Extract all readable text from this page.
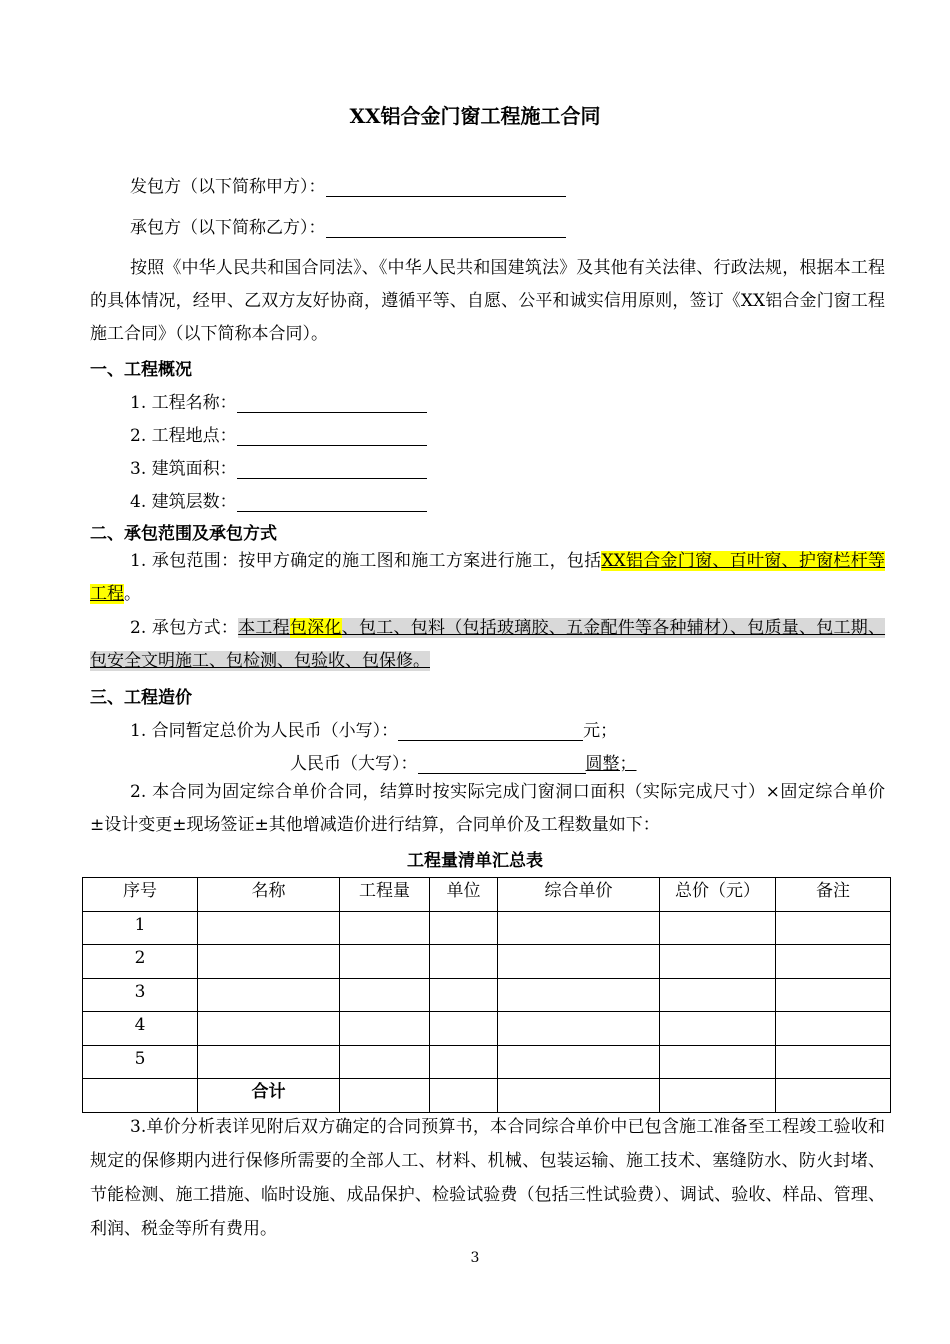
XX铝合金门窗工程施工合同
发包方（以下简称甲方）：
承包方（以下简称乙方）：
按照《中华人民共和国合同法》、《中华人民共和国建筑法》及其他有关法律、行政法规，根据本工程的具体情况，经甲、乙双方友好协商，遵循平等、自愿、公平和诚实信用原则，签订《XX铝合金门窗工程施工合同》（以下简称本合同）。
一、工程概况
1. 工程名称：
2. 工程地点：
3. 建筑面积：
4. 建筑层数：
二、承包范围及承包方式
1. 承包范围：按甲方确定的施工图和施工方案进行施工，包括XX铝合金门窗、百叶窗、护窗栏杆等工程。
2. 承包方式：本工程包深化、包工、包料（包括玻璃胶、五金配件等各种辅材）、包质量、包工期、包安全文明施工、包检测、包验收、包保修。
三、工程造价
1. 合同暂定总价为人民币（小写）：	元；
人民币（大写）：	圆整；
2. 本合同为固定综合单价合同，结算时按实际完成门窗洞口面积（实际完成尺寸）×固定综合单价±设计变更±现场签证±其他增减造价进行结算，合同单价及工程数量如下：
工程量清单汇总表
序号	名称	工程量	单位	综合单价	总价（元）	备注
1						
2						
3						
4						
5						
	合计					
3.单价分析表详见附后双方确定的合同预算书，本合同综合单价中已包含施工准备至工程竣工验收和规定的保修期内进行保修所需要的全部人工、材料、机械、包装运输、施工技术、塞缝防水、防火封堵、节能检测、施工措施、临时设施、成品保护、检验试验费（包括三性试验费）、调试、验收、样品、管理、利润、税金等所有费用。
3
